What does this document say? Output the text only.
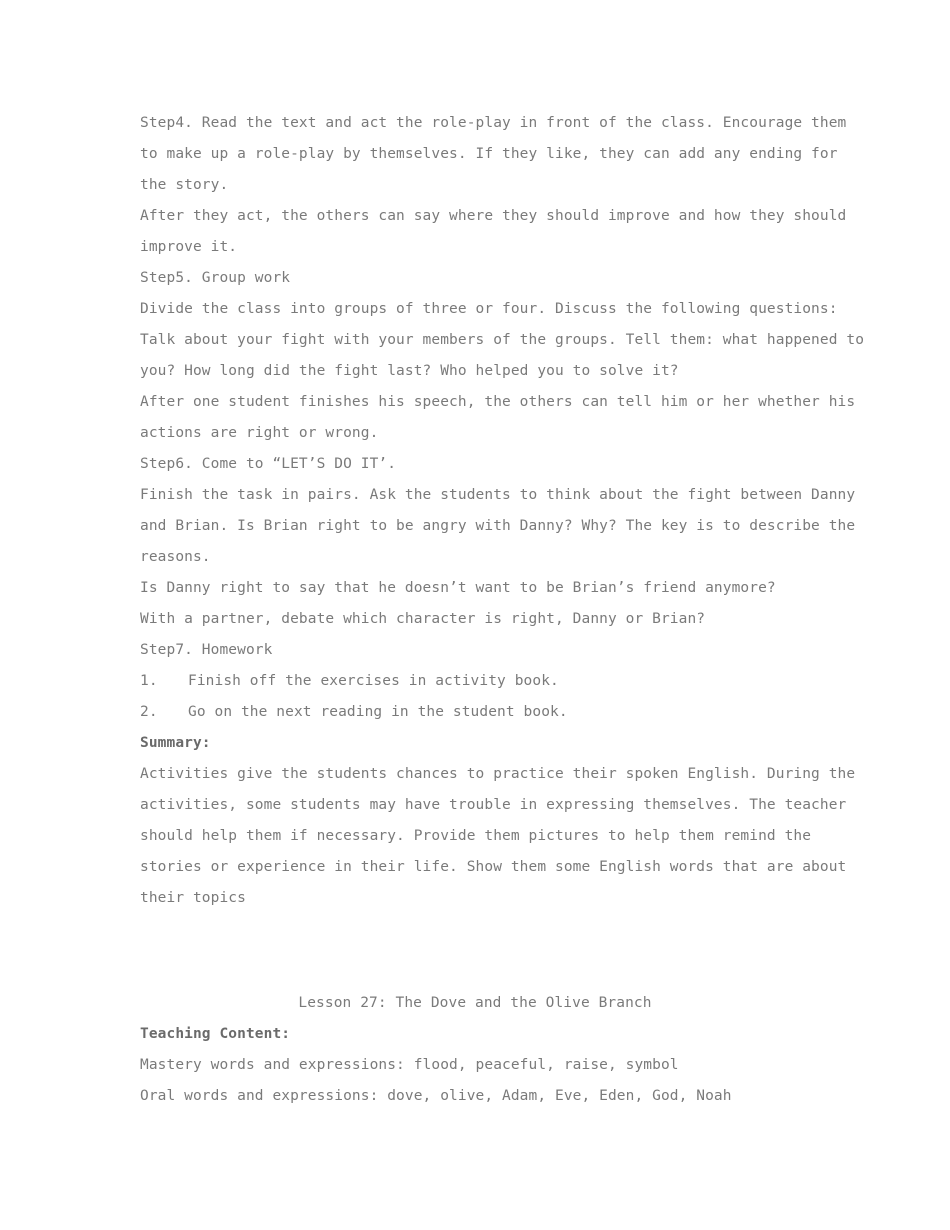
Step4. Read the text and act the role-play in front of the class. Encourage them

to make up a role-play by themselves. If they like, they can add any ending for

the story.

After they act, the others can say where they should improve and how they should

improve it.

Step5. Group work

Divide the class into groups of three or four. Discuss the following questions:

Talk about your fight with your members of the groups. Tell them: what happened to

you? How long did the fight last? Who helped you to solve it?

After one student finishes his speech, the others can tell him or her whether his

actions are right or wrong.

Step6. Come to “LET’S DO IT’.

Finish the task in pairs. Ask the students to think about the fight between Danny

and Brian. Is Brian right to be angry with Danny? Why? The key is to describe the

reasons.

Is Danny right to say that he doesn’t want to be Brian’s friend anymore?

With a partner, debate which character is right, Danny or Brian?

Step7. Homework

1.	Finish off the exercises in activity book.
2.	Go on the next reading in the student book.

Summary:

Activities give the students chances to practice their spoken English. During the

activities, some students may have trouble in expressing themselves. The teacher

should help them if necessary. Provide them pictures to help them remind the

stories or experience in their life. Show them some English words that are about

their topics

Lesson 27: The Dove and the Olive Branch

Teaching Content:

Mastery words and expressions: flood, peaceful, raise, symbol

Oral words and expressions: dove, olive, Adam, Eve, Eden, God, Noah
